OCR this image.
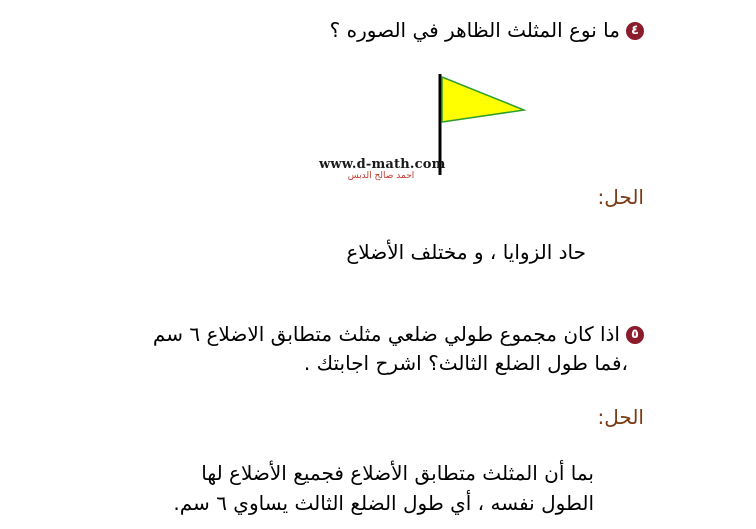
٤ما نوع المثلث الظاهر في الصوره ؟
www.d-math.com
احمد صالح الدبس
الحل:
حاد الزوايا ، و مختلف الأضلاع
٥اذا كان مجموع طولي ضلعي مثلث متطابق الاضلاع ٦ سم
،فما طول الضلع الثالث؟ اشرح اجابتك .
الحل:
بما أن المثلث متطابق الأضلاع فجميع الأضلاع لها
الطول نفسه ، أي طول الضلع الثالث يساوي ٦ سم.
